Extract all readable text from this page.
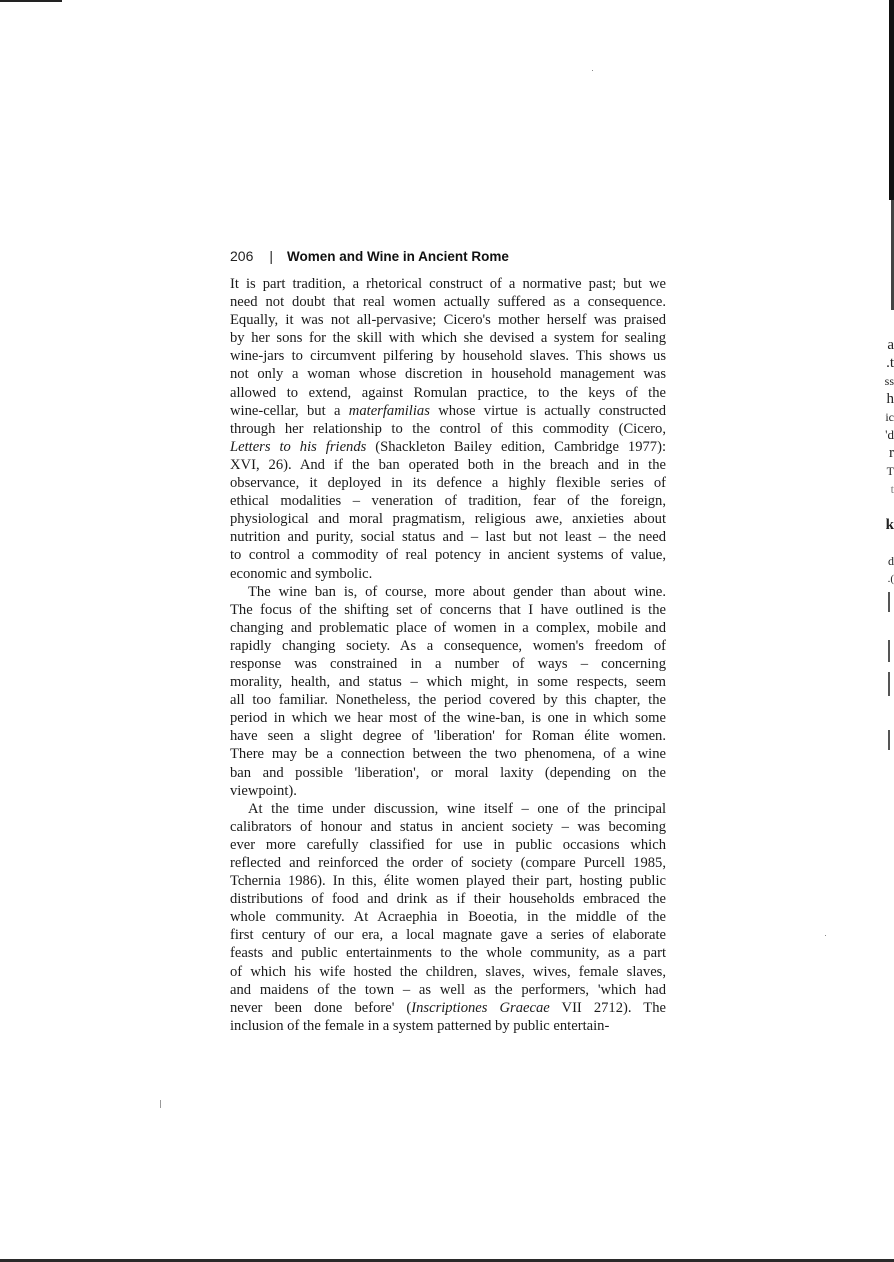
a
.t
ss
h
ic
'd
r
T
t
k
d
.(
206 | Women and Wine in Ancient Rome

It is part tradition, a rhetorical construct of a normative past; but we
need not doubt that real women actually suffered as a consequence.
Equally, it was not all-pervasive; Cicero's mother herself was praised
by her sons for the skill with which she devised a system for sealing
wine-jars to circumvent pilfering by household slaves. This shows us
not only a woman whose discretion in household management was
allowed to extend, against Romulan practice, to the keys of the
wine-cellar, but a materfamilias whose virtue is actually constructed
through her relationship to the control of this commodity (Cicero,
Letters to his friends (Shackleton Bailey edition, Cambridge 1977):
XVI, 26). And if the ban operated both in the breach and in the
observance, it deployed in its defence a highly flexible series of
ethical modalities – veneration of tradition, fear of the foreign,
physiological and moral pragmatism, religious awe, anxieties about
nutrition and purity, social status and – last but not least – the need
to control a commodity of real potency in ancient systems of value,
economic and symbolic.

The wine ban is, of course, more about gender than about wine.
The focus of the shifting set of concerns that I have outlined is the
changing and problematic place of women in a complex, mobile and
rapidly changing society. As a consequence, women's freedom of
response was constrained in a number of ways – concerning
morality, health, and status – which might, in some respects, seem
all too familiar. Nonetheless, the period covered by this chapter, the
period in which we hear most of the wine-ban, is one in which some
have seen a slight degree of 'liberation' for Roman élite women.
There may be a connection between the two phenomena, of a wine
ban and possible 'liberation', or moral laxity (depending on the
viewpoint).

At the time under discussion, wine itself – one of the principal
calibrators of honour and status in ancient society – was becoming
ever more carefully classified for use in public occasions which
reflected and reinforced the order of society (compare Purcell 1985,
Tchernia 1986). In this, élite women played their part, hosting public
distributions of food and drink as if their households embraced the
whole community. At Acraephia in Boeotia, in the middle of the
first century of our era, a local magnate gave a series of elaborate
feasts and public entertainments to the whole community, as a part
of which his wife hosted the children, slaves, wives, female slaves,
and maidens of the town – as well as the performers, 'which had
never been done before' (Inscriptiones Graecae VII 2712). The
inclusion of the female in a system patterned by public entertain-
